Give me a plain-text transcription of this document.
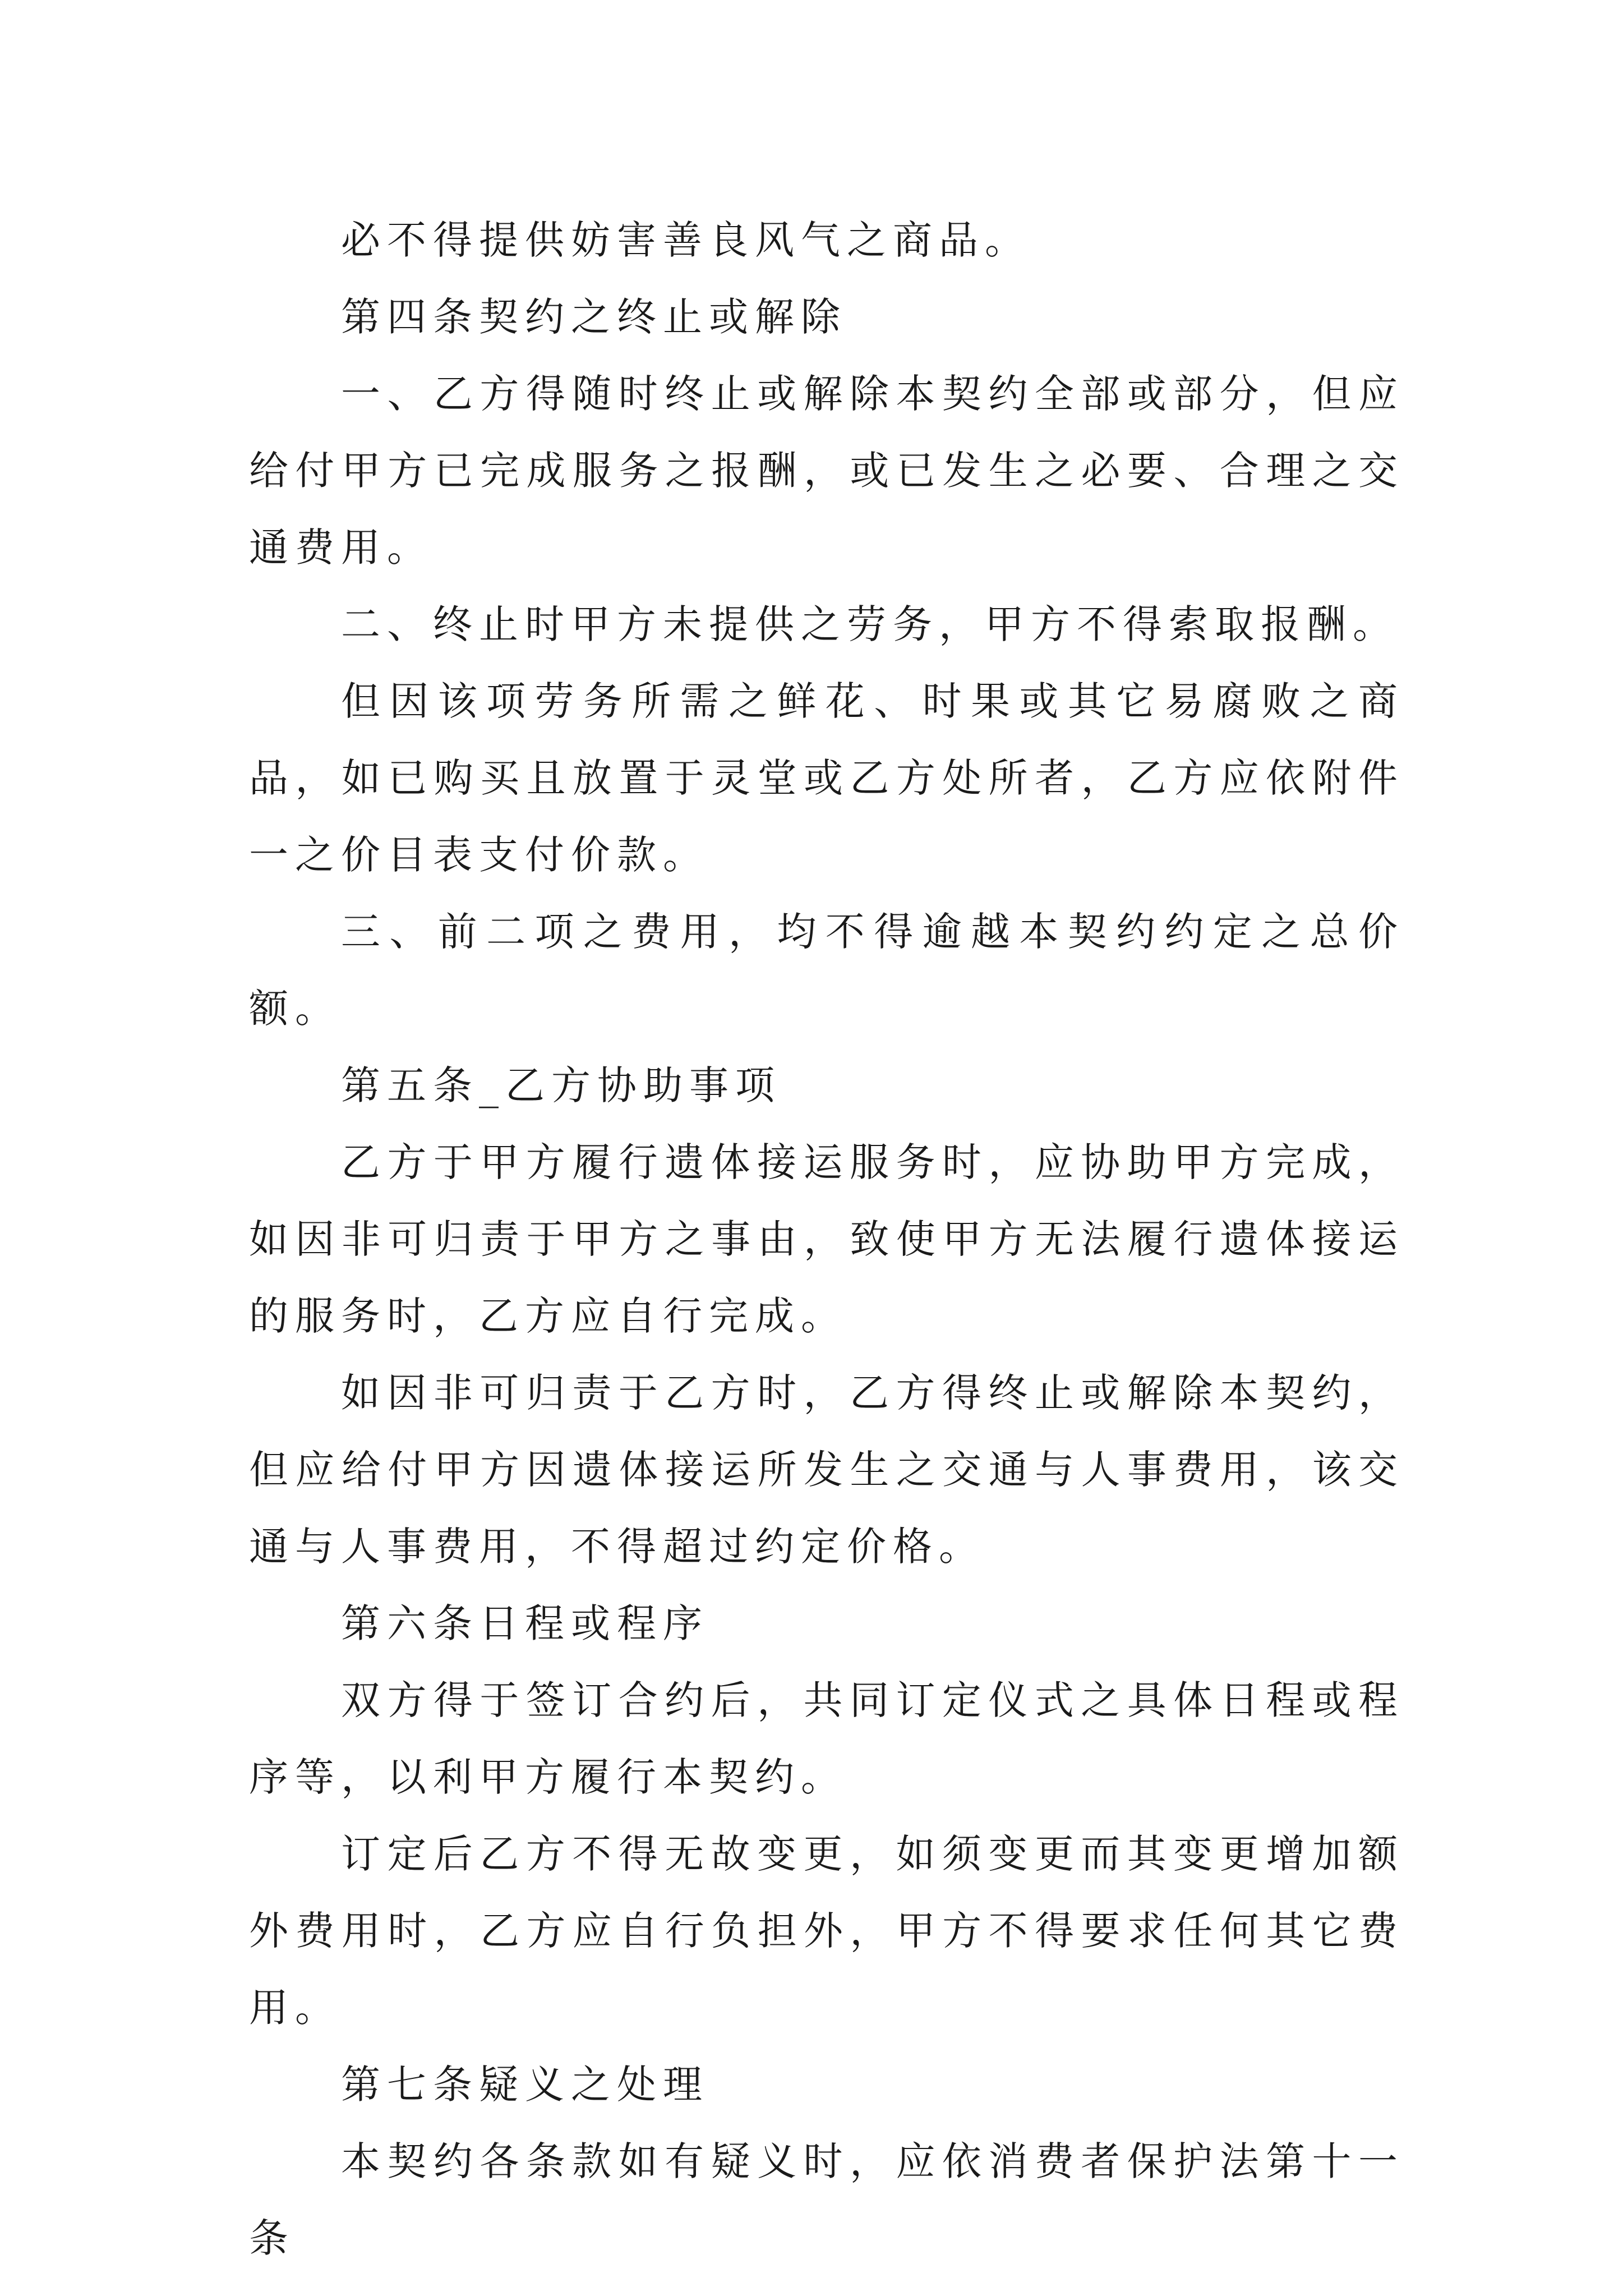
必不得提供妨害善良风气之商品。

第四条契约之终止或解除

一、乙方得随时终止或解除本契约全部或部分，但应给付甲方已完成服务之报酬，或已发生之必要、合理之交通费用。

二、终止时甲方未提供之劳务，甲方不得索取报酬。

但因该项劳务所需之鲜花、时果或其它易腐败之商品，如已购买且放置于灵堂或乙方处所者，乙方应依附件一之价目表支付价款。

三、前二项之费用，均不得逾越本契约约定之总价额。

第五条_乙方协助事项

乙方于甲方履行遗体接运服务时，应协助甲方完成，如因非可归责于甲方之事由，致使甲方无法履行遗体接运的服务时，乙方应自行完成。

如因非可归责于乙方时，乙方得终止或解除本契约，但应给付甲方因遗体接运所发生之交通与人事费用，该交通与人事费用，不得超过约定价格。

第六条日程或程序

双方得于签订合约后，共同订定仪式之具体日程或程序等，以利甲方履行本契约。

订定后乙方不得无故变更，如须变更而其变更增加额外费用时，乙方应自行负担外，甲方不得要求任何其它费用。

第七条疑义之处理

本契约各条款如有疑义时，应依消费者保护法第十一条
